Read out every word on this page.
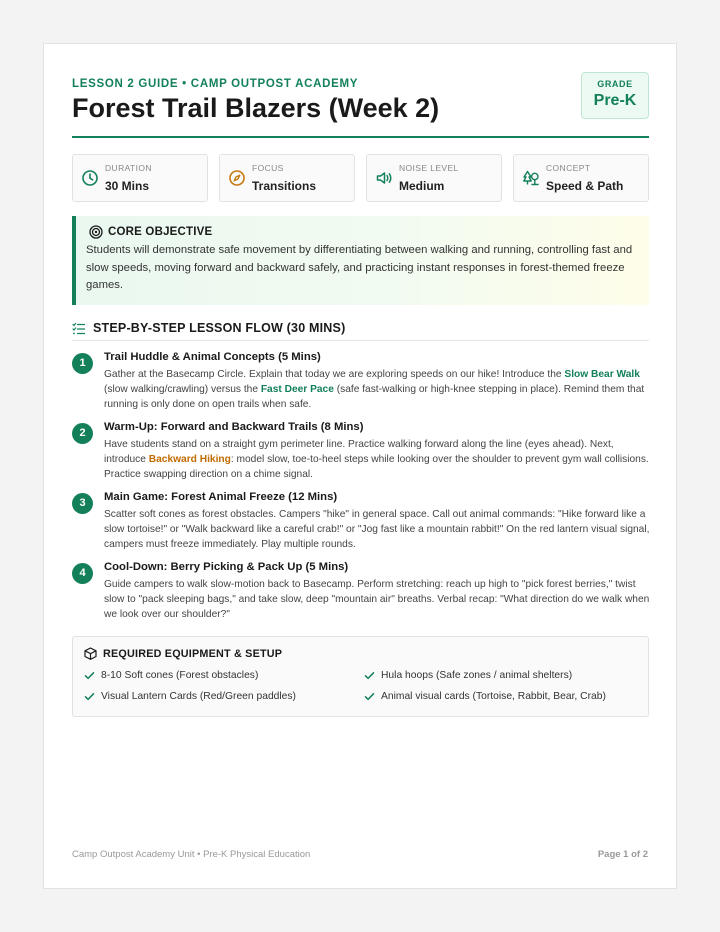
LESSON 2 GUIDE • CAMP OUTPOST ACADEMY
Forest Trail Blazers (Week 2)
GRADE
Pre-K
DURATION
30 Mins
FOCUS
Transitions
NOISE LEVEL
Medium
CONCEPT
Speed & Path
CORE OBJECTIVE
Students will demonstrate safe movement by differentiating between walking and running, controlling fast and slow speeds, moving forward and backward safely, and practicing instant responses in forest-themed freeze games.
STEP-BY-STEP LESSON FLOW (30 MINS)
1	Trail Huddle & Animal Concepts (5 Mins)
Gather at the Basecamp Circle. Explain that today we are exploring speeds on our hike! Introduce the Slow Bear Walk (slow walking/crawling) versus the Fast Deer Pace (safe fast-walking or high-knee stepping in place). Remind them that running is only done on open trails when safe.
2	Warm-Up: Forward and Backward Trails (8 Mins)
Have students stand on a straight gym perimeter line. Practice walking forward along the line (eyes ahead). Next, introduce Backward Hiking: model slow, toe-to-heel steps while looking over the shoulder to prevent gym wall collisions. Practice swapping direction on a chime signal.
3	Main Game: Forest Animal Freeze (12 Mins)
Scatter soft cones as forest obstacles. Campers "hike" in general space. Call out animal commands: "Hike forward like a slow tortoise!" or "Walk backward like a careful crab!" or "Jog fast like a mountain rabbit!" On the red lantern visual signal, campers must freeze immediately. Play multiple rounds.
4	Cool-Down: Berry Picking & Pack Up (5 Mins)
Guide campers to walk slow-motion back to Basecamp. Perform stretching: reach up high to "pick forest berries," twist slow to "pack sleeping bags," and take slow, deep "mountain air" breaths. Verbal recap: "What direction do we walk when we look over our shoulder?"
REQUIRED EQUIPMENT & SETUP
8-10 Soft cones (Forest obstacles)	Hula hoops (Safe zones / animal shelters)
Visual Lantern Cards (Red/Green paddles)	Animal visual cards (Tortoise, Rabbit, Bear, Crab)
Camp Outpost Academy Unit • Pre-K Physical Education	Page 1 of 2
